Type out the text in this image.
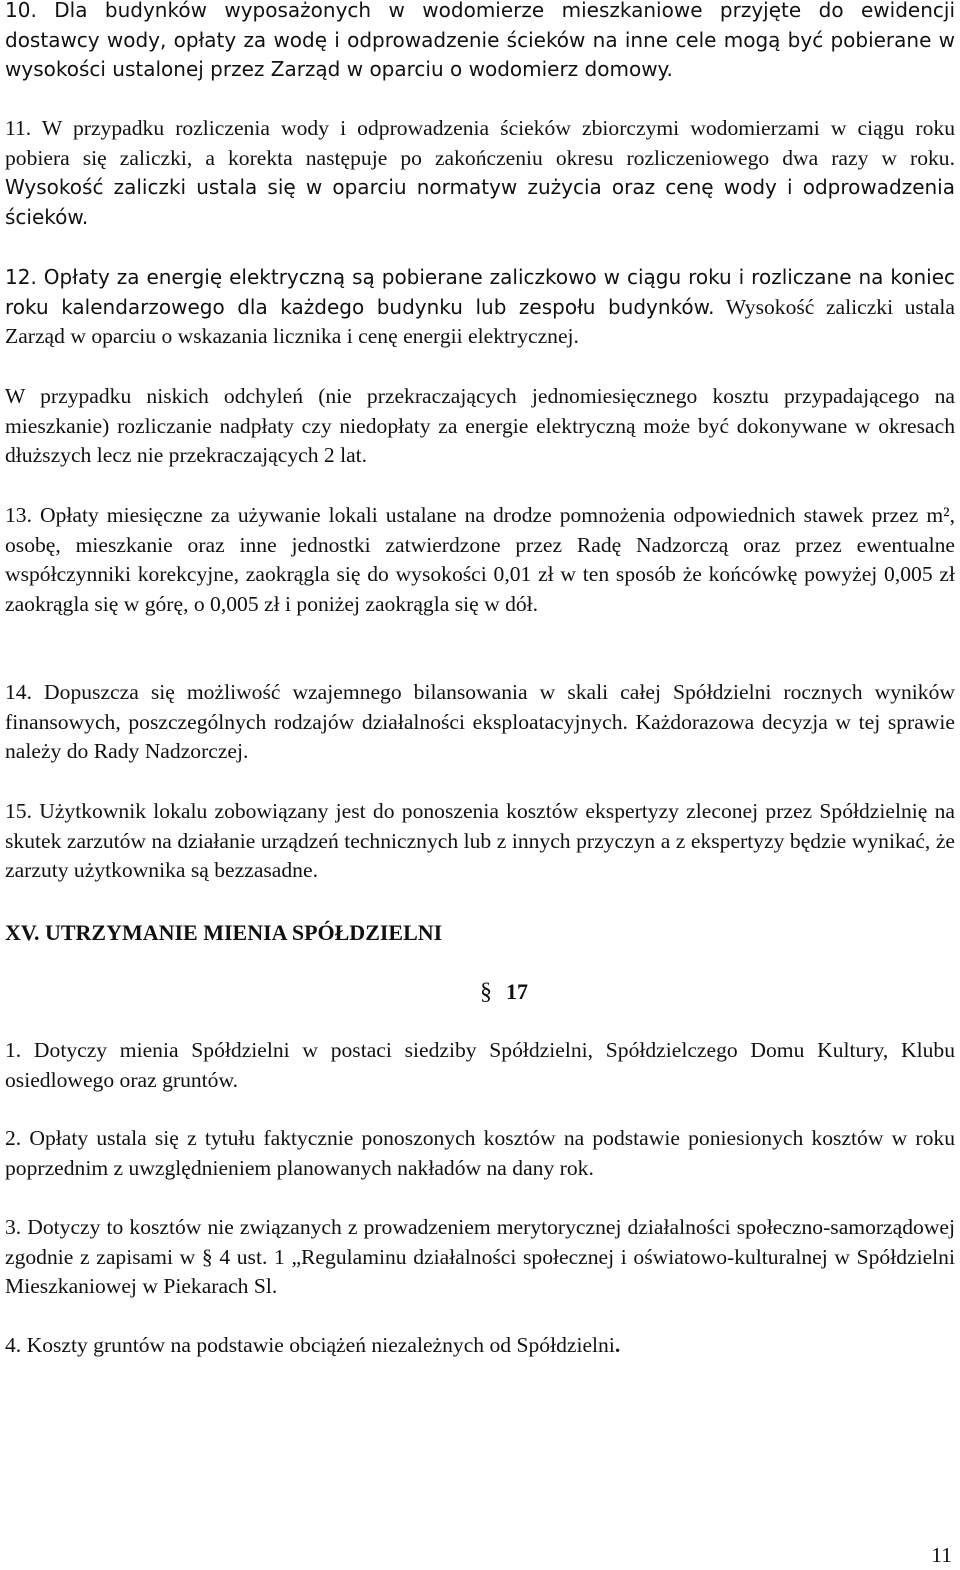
10. Dla budynków wyposażonych w wodomierze mieszkaniowe przyjęte do ewidencji dostawcy wody, opłaty za wodę i odprowadzenie ścieków na inne cele mogą być pobierane w wysokości ustalonej przez Zarząd w oparciu o wodomierz domowy.

11. W przypadku rozliczenia wody i odprowadzenia ścieków zbiorczymi wodomierzami w ciągu roku pobiera się zaliczki, a korekta następuje po zakończeniu okresu rozliczeniowego dwa razy w roku. Wysokość zaliczki ustala się w oparciu normatyw zużycia oraz cenę wody i odprowadzenia ścieków.

12. Opłaty za energię elektryczną są pobierane zaliczkowo w ciągu roku i rozliczane na koniec roku kalendarzowego dla każdego budynku lub zespołu budynków. Wysokość zaliczki ustala Zarząd w oparciu o wskazania licznika i cenę energii elektrycznej.

W przypadku niskich odchyleń (nie przekraczających jednomiesięcznego kosztu przypadającego na mieszkanie) rozliczanie nadpłaty czy niedopłaty za energie elektryczną może być dokonywane w okresach dłuższych lecz nie przekraczających 2 lat.

13. Opłaty miesięczne za używanie lokali ustalane na drodze pomnożenia odpowiednich stawek przez m², osobę, mieszkanie oraz inne jednostki zatwierdzone przez Radę Nadzorczą oraz przez ewentualne współczynniki korekcyjne, zaokrągla się do wysokości 0,01 zł w ten sposób że końcówkę powyżej 0,005 zł zaokrągla się w górę, o 0,005 zł i poniżej zaokrągla się w dół.

14. Dopuszcza się możliwość wzajemnego bilansowania w skali całej Spółdzielni rocznych wyników finansowych, poszczególnych rodzajów działalności eksploatacyjnych. Każdorazowa decyzja w tej sprawie należy do Rady Nadzorczej.

15. Użytkownik lokalu zobowiązany jest do ponoszenia kosztów ekspertyzy zleconej przez Spółdzielnię na skutek zarzutów na działanie urządzeń technicznych lub z innych przyczyn a z ekspertyzy będzie wynikać, że zarzuty użytkownika są bezzasadne.

XV. UTRZYMANIE MIENIA SPÓŁDZIELNI

§ 17

1. Dotyczy mienia Spółdzielni w postaci siedziby Spółdzielni, Spółdzielczego Domu Kultury, Klubu osiedlowego oraz gruntów.

2. Opłaty ustala się z tytułu faktycznie ponoszonych kosztów na podstawie poniesionych kosztów w roku poprzednim z uwzględnieniem planowanych nakładów na dany rok.

3. Dotyczy to kosztów nie związanych z prowadzeniem merytorycznej działalności społeczno-samorządowej zgodnie z zapisami w § 4 ust. 1 „Regulaminu działalności społecznej i oświatowo-kulturalnej w Spółdzielni Mieszkaniowej w Piekarach Sl.

4. Koszty gruntów na podstawie obciążeń niezależnych od Spółdzielni.

11
